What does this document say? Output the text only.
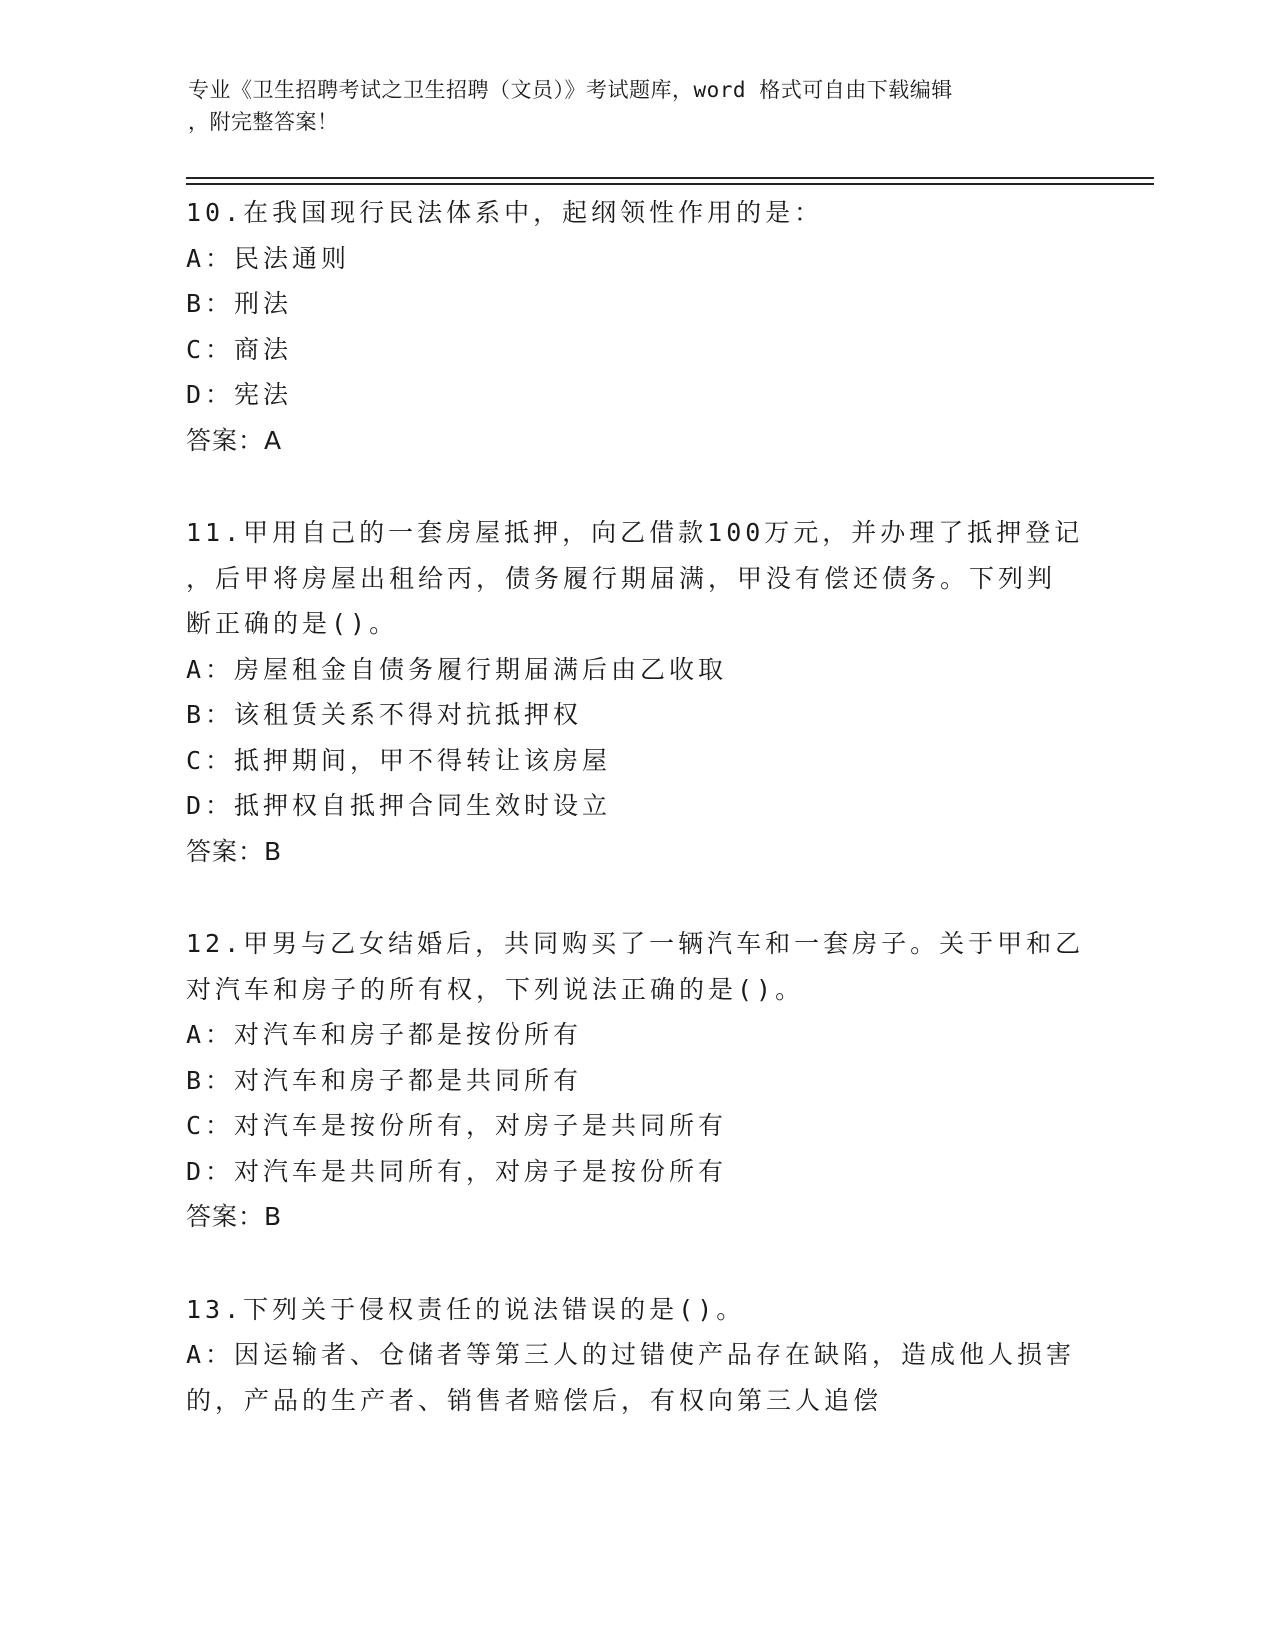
专业《卫生招聘考试之卫生招聘（文员）》考试题库，word 格式可自由下载编辑
，附完整答案！

10.在我国现行民法体系中，起纲领性作用的是：

A：民法通则

B：刑法

C：商法

D：宪法

答案：A

11.甲用自己的一套房屋抵押，向乙借款100万元，并办理了抵押登记

，后甲将房屋出租给丙，债务履行期届满，甲没有偿还债务。下列判

断正确的是()。

A：房屋租金自债务履行期届满后由乙收取

B：该租赁关系不得对抗抵押权

C：抵押期间，甲不得转让该房屋

D：抵押权自抵押合同生效时设立

答案：B

12.甲男与乙女结婚后，共同购买了一辆汽车和一套房子。关于甲和乙

对汽车和房子的所有权，下列说法正确的是()。

A：对汽车和房子都是按份所有

B：对汽车和房子都是共同所有

C：对汽车是按份所有，对房子是共同所有

D：对汽车是共同所有，对房子是按份所有

答案：B

13.下列关于侵权责任的说法错误的是()。

A：因运输者、仓储者等第三人的过错使产品存在缺陷，造成他人损害

的，产品的生产者、销售者赔偿后，有权向第三人追偿
